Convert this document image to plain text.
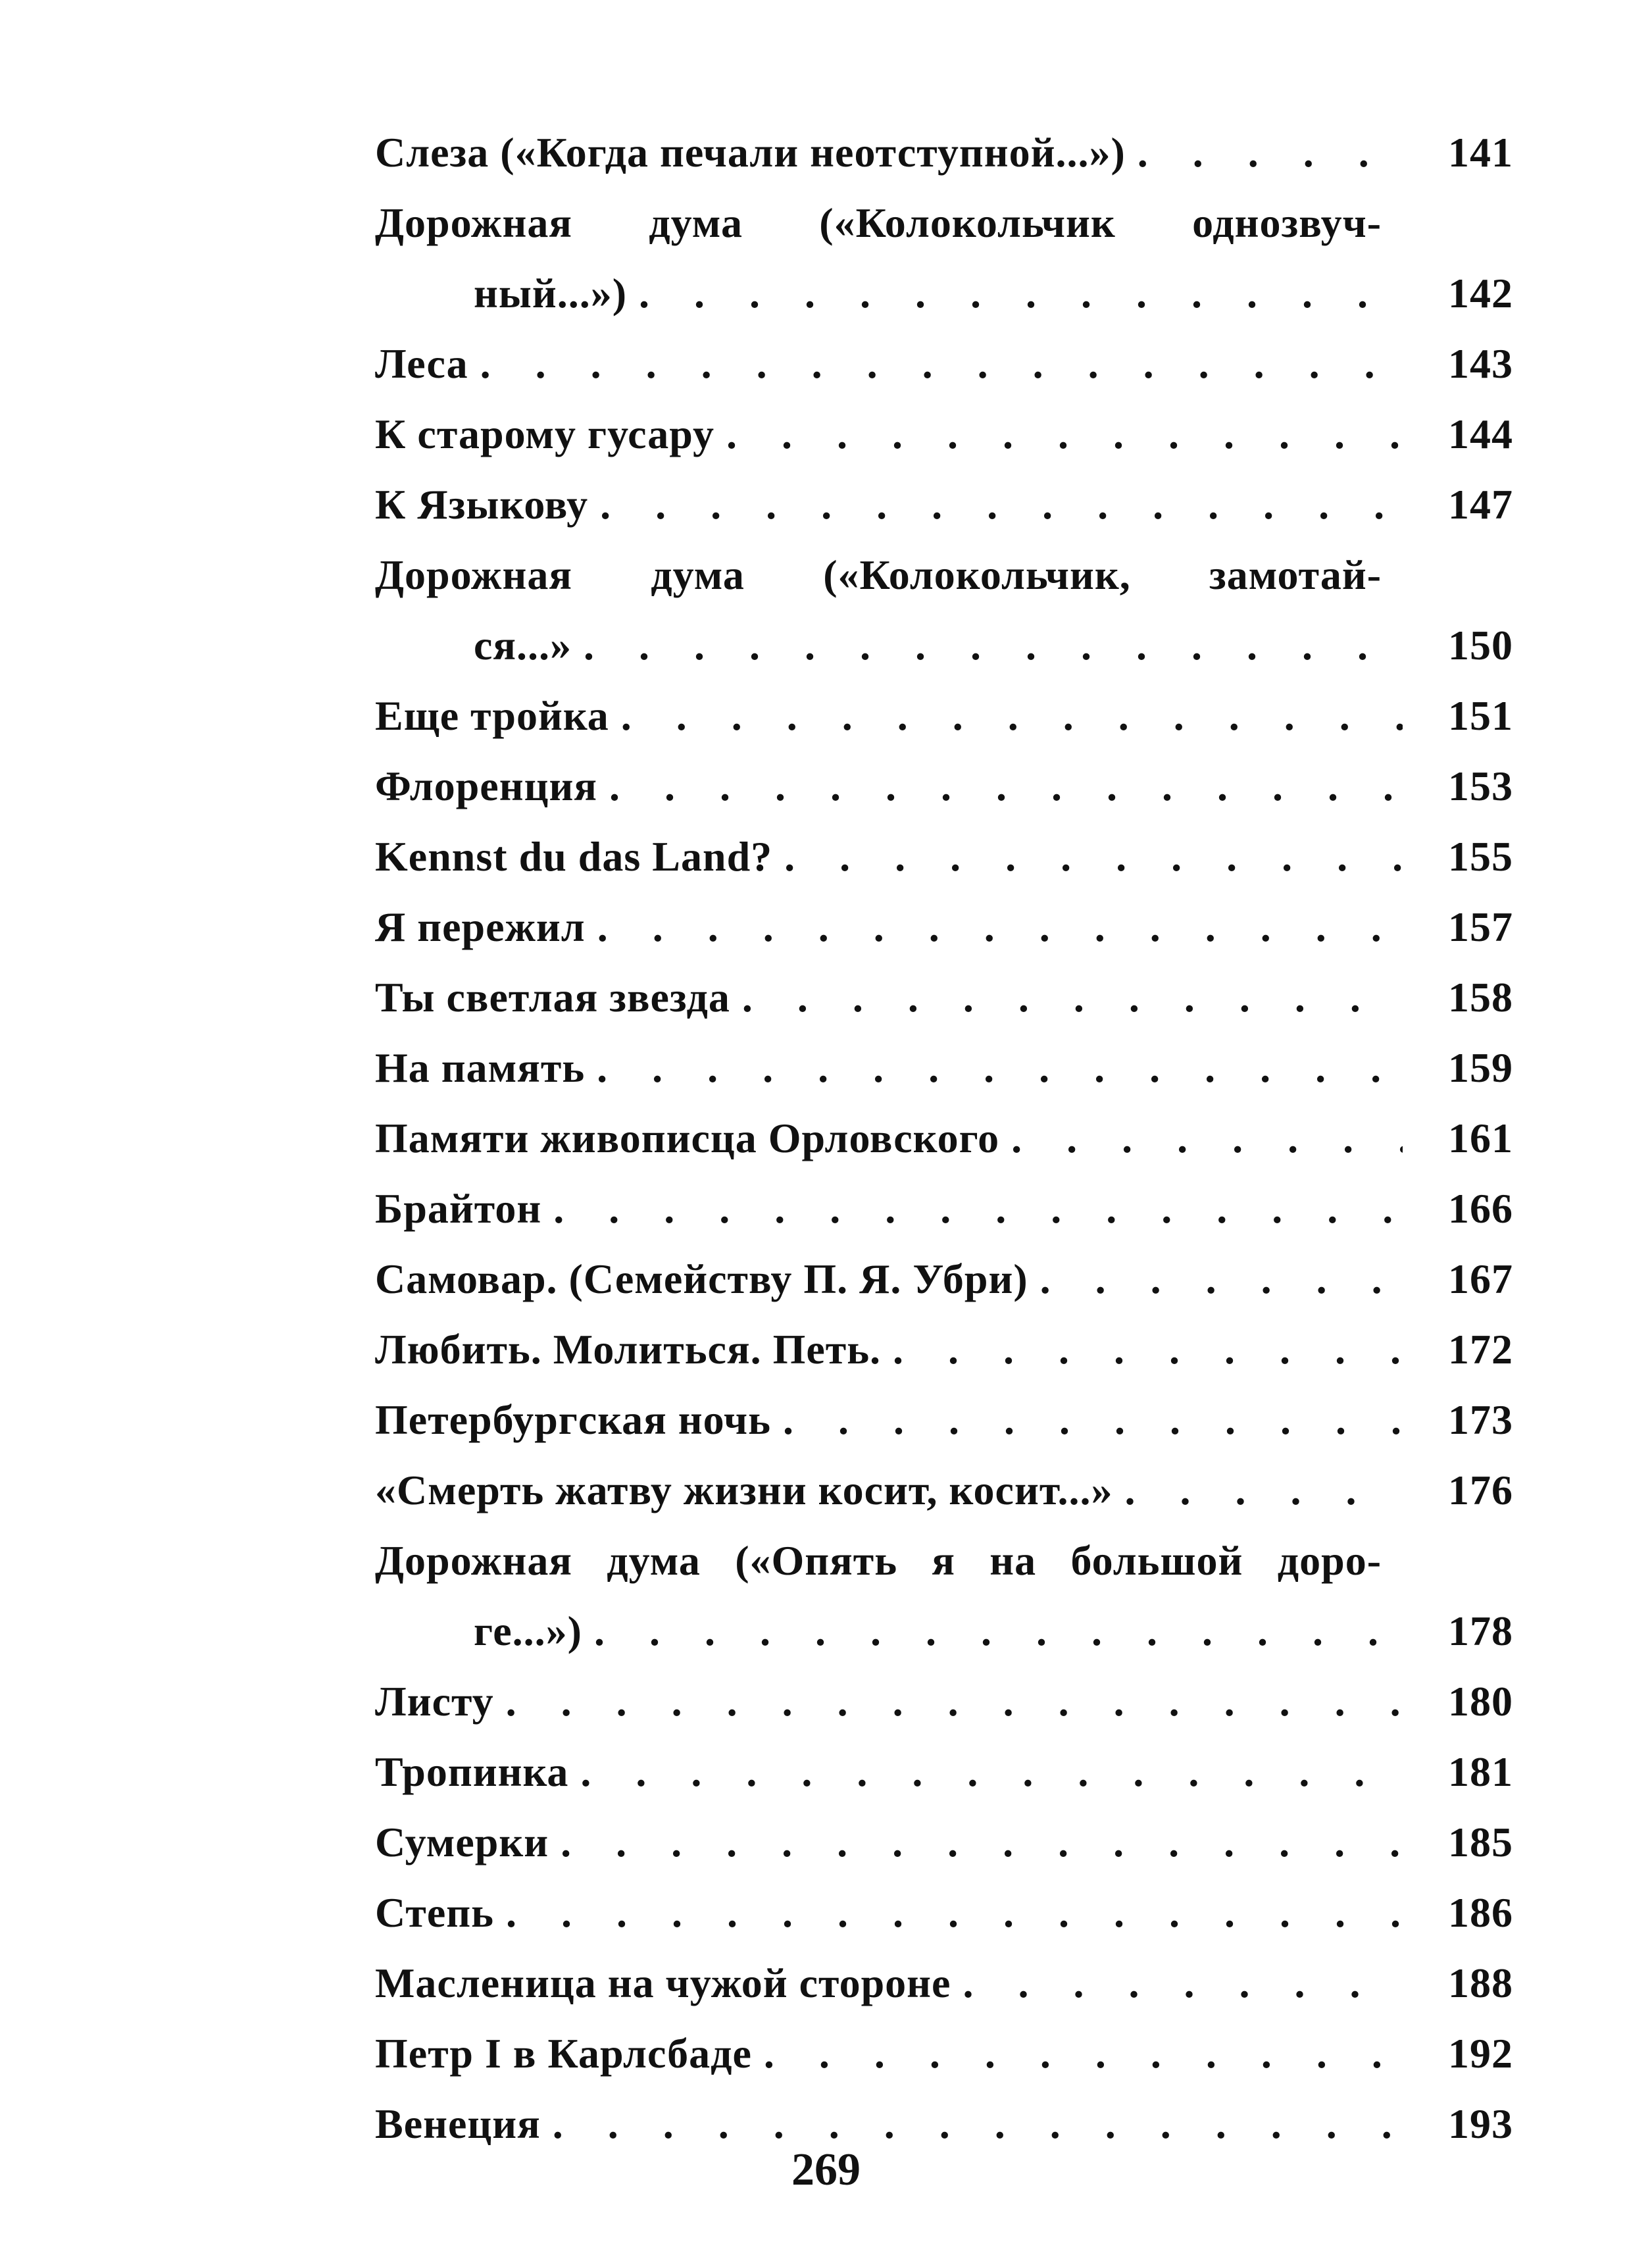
Слеза («Когда печали неотступной...») . . .	141
Дорожная дума («Колокольчик однозвуч-
ный...») . . .	142
Леса . . .	143
К старому гусару . . .	144
К Языкову . . .	147
Дорожная дума («Колокольчик, замотай-
ся...» . . .	150
Еще тройка . . .	151
Флоренция . . .	153
Kennst du das Land? . . .	155
Я пережил . . .	157
Ты светлая звезда . . .	158
На память . . .	159
Памяти живописца Орловского . . .	161
Брайтон . . .	166
Самовар. (Семейству П. Я. Убри) . . .	167
Любить. Молиться. Петь. . . .	172
Петербургская ночь . . .	173
«Смерть жатву жизни косит, косит...» . . .	176
Дорожная дума («Опять я на большой доро-
ге...») . . .	178
Листу . . .	180
Тропинка . . .	181
Сумерки . . .	185
Степь . . .	186
Масленица на чужой стороне . . .	188
Петр I в Карлсбаде . . .	192
Венеция . . .	193
269
